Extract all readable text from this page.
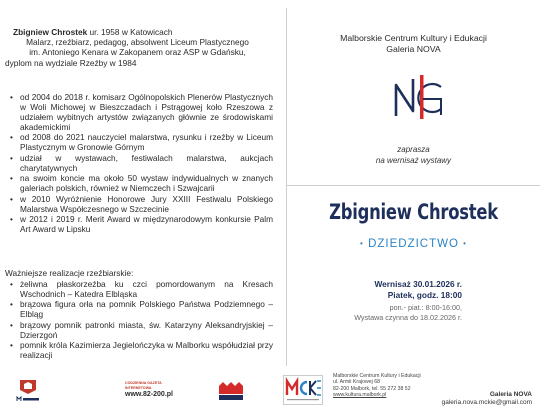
Zbigniew Chrostek ur. 1958 w Katowicach
Malarz, rzeźbiarz, pedagog, absolwent Liceum Plastycznego
im. Antoniego Kenara w Zakopanem oraz ASP w Gdańsku,
dyplom na wydziale Rzeźby w 1984
• od 2004 do 2018 r. komisarz Ogólnopolskich Plenerów Plastycznych w Woli Michowej w Bieszczadach i Pstrągowej koło Rzeszowa z udziałem wybitnych artystów związanych głównie ze środowiskami akademickimi
• od 2008 do 2021 nauczyciel malarstwa, rysunku i rzeźby w Liceum Plastycznym w Gronowie Górnym
• udział w wystawach, festiwalach malarstwa, aukcjach charytatywnych
• na swoim koncie ma około 50 wystaw indywidualnych w znanych galeriach polskich, również w Niemczech i Szwajcarii
• w 2010 Wyróżnienie Honorowe Jury XXIII Festiwalu Polskiego Malarstwa Współczesnego w Szczecinie
• w 2012 i 2019 r. Merit Award w międzynarodowym konkursie Palm Art Award w Lipsku
Ważniejsze realizacje rzeźbiarskie:
• żeliwna płaskorzeźba ku czci pomordowanym na Kresach Wschodnich – Katedra Elbląska
• brązowa figura orła na pomnik Polskiego Państwa Podziemnego – Elbląg
• brązowy pomnik patronki miasta, św. Katarzyny Aleksandryjskiej – Dzierzgoń
• pomnik króla Kazimierza Jegielończyka w Malborku współudział przy realizacji
Malborskie Centrum Kultury i Edukacji
Galeria NOVA
zaprasza
na wernisaż wystawy
Zbigniew Chrostek
• DZIEDZICTWO •
Wernisaż 30.01.2026 r.
Piatek, godz. 18:00
pon.- piat.: 8:00-16:00,
Wystawa czynna do 18.02.2026 r.
CODZIENNA GAZETA INTERNETOWA
www.82-200.pl
Malborskie Centrum Kultury i Edukacji
ul. Armii Krajowej 68
82-200 Malbork, tel. 55 272 38 52
www.kultura.malbork.pl	Galeria NOVA
galeria.nova.mckie@gmail.com
